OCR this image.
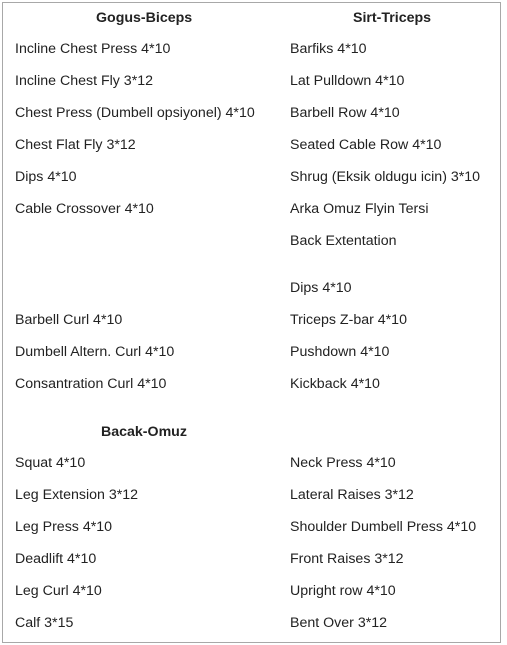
Gogus-Biceps	Sirt-Triceps
Bacak-Omuz
Incline Chest Press 4*10
Incline Chest Fly 3*12
Chest Press (Dumbell opsiyonel) 4*10
Chest Flat Fly 3*12
Dips 4*10
Cable Crossover 4*10
Barbell Curl 4*10
Dumbell Altern. Curl 4*10
Consantration Curl 4*10
Squat 4*10
Leg Extension 3*12
Leg Press 4*10
Deadlift 4*10
Leg Curl 4*10
Calf 3*15
Barfiks 4*10
Lat Pulldown 4*10
Barbell Row 4*10
Seated Cable Row 4*10
Shrug (Eksik oldugu icin) 3*10
Arka Omuz Flyin Tersi
Back Extentation
Dips 4*10
Triceps Z-bar 4*10
Pushdown 4*10
Kickback 4*10
Neck Press 4*10
Lateral Raises 3*12
Shoulder Dumbell Press 4*10
Front Raises 3*12
Upright row 4*10
Bent Over 3*12
